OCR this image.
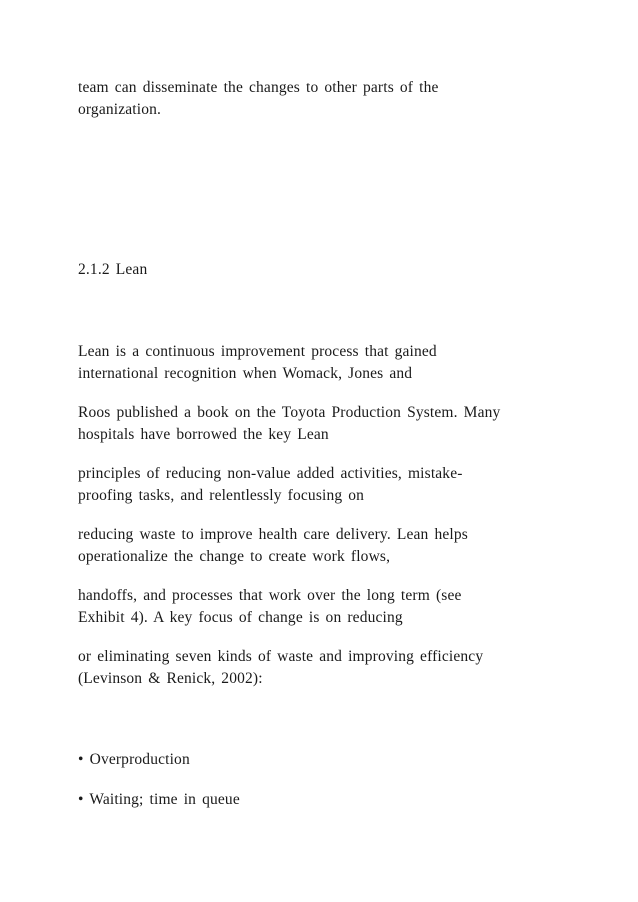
team can disseminate the changes to other parts of the

organization.

2.1.2 Lean

Lean is a continuous improvement process that gained

international recognition when Womack, Jones and

Roos published a book on the Toyota Production System. Many

hospitals have borrowed the key Lean

principles of reducing non-value added activities, mistake-

proofing tasks, and relentlessly focusing on

reducing waste to improve health care delivery. Lean helps

operationalize the change to create work flows,

handoffs, and processes that work over the long term (see

Exhibit 4). A key focus of change is on reducing

or eliminating seven kinds of waste and improving efficiency

(Levinson & Renick, 2002):

• Overproduction

• Waiting; time in queue
